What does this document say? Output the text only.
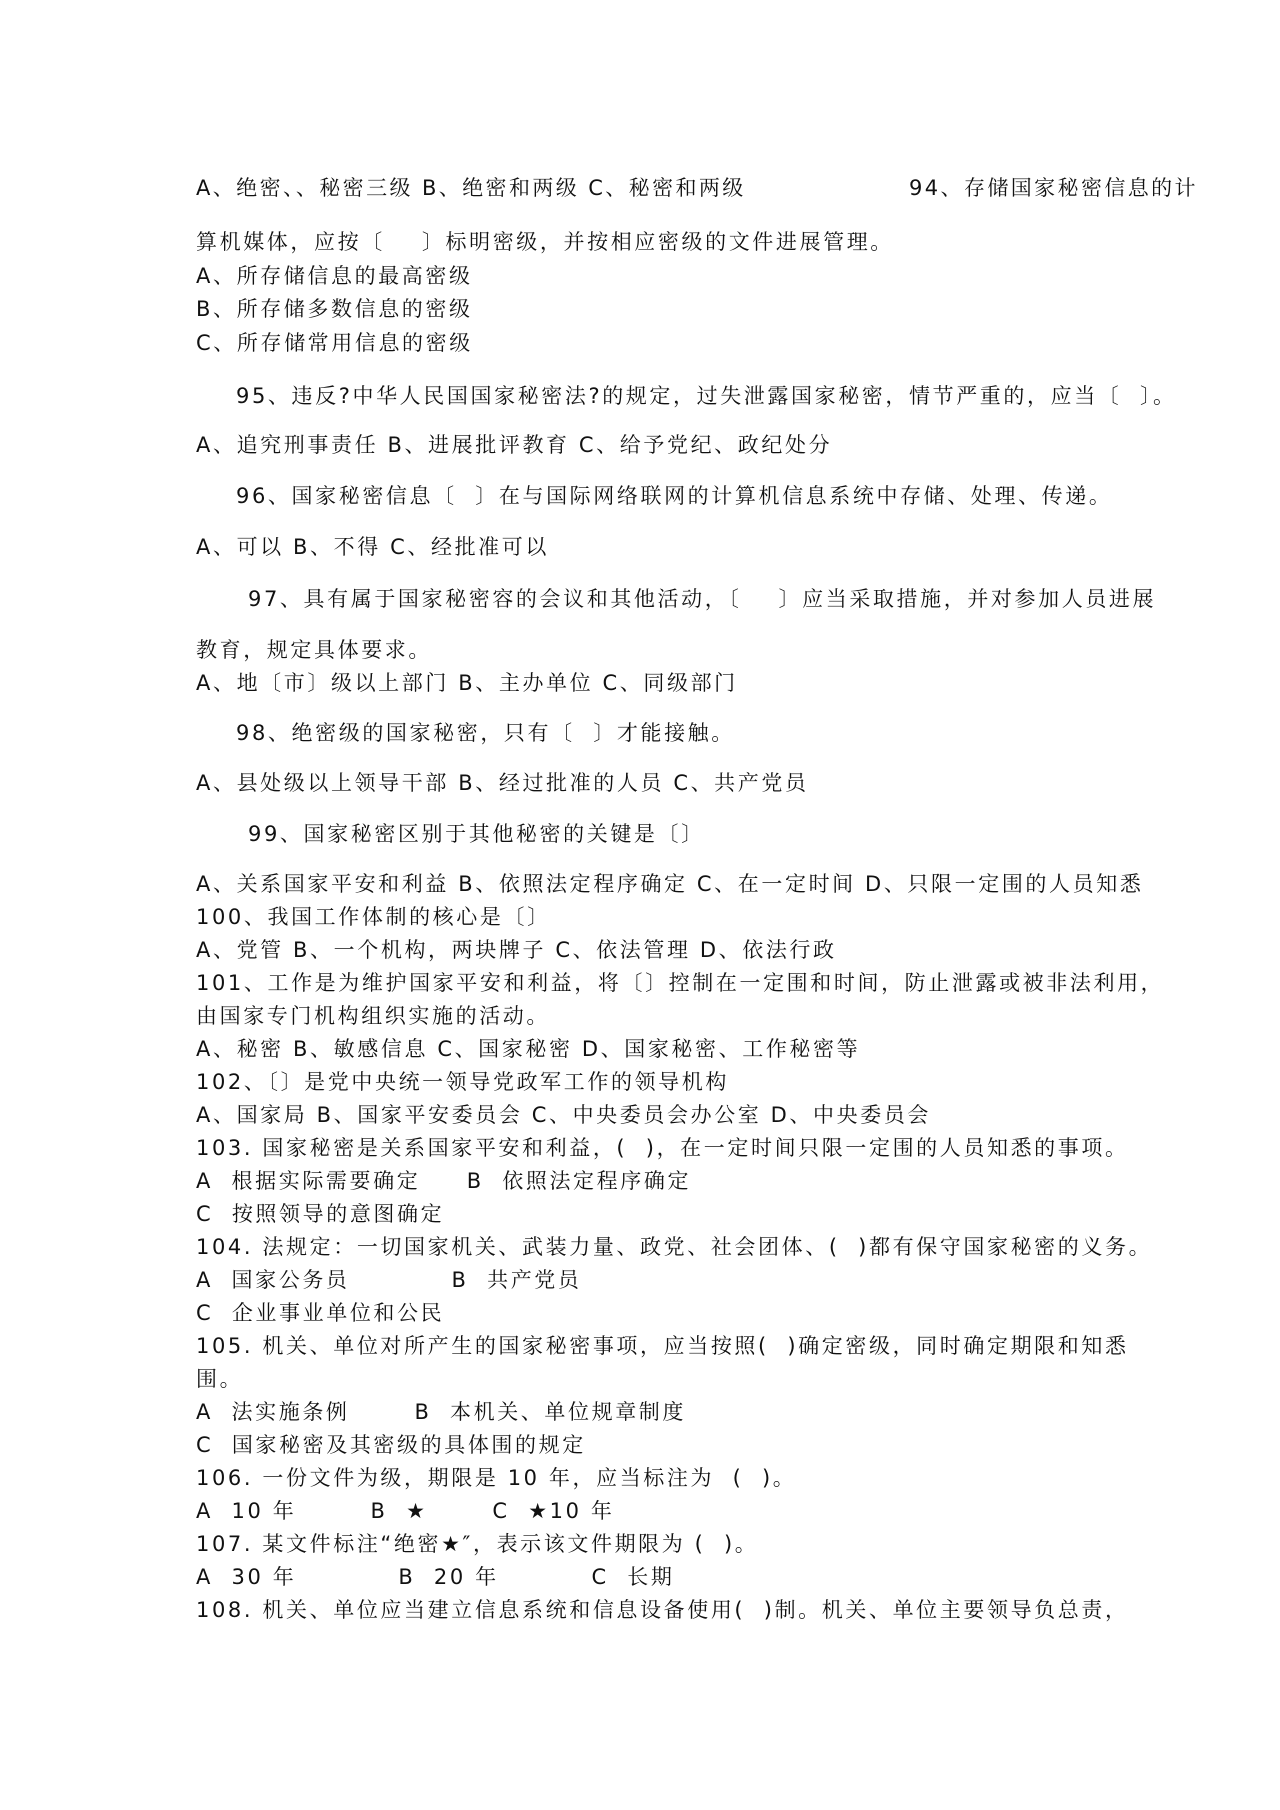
A、绝密、、秘密三级 B、绝密和两级 C、秘密和两级                  94、存储国家秘密信息的计

算机媒体，应按〔    〕标明密级，并按相应密级的文件进展管理。

A、所存储信息的最高密级

B、所存储多数信息的密级

C、所存储常用信息的密级

95、违反?中华人民国国家秘密法?的规定，过失泄露国家秘密，情节严重的，应当〔  〕。

A、追究刑事责任 B、进展批评教育 C、给予党纪、政纪处分

96、国家秘密信息〔  〕在与国际网络联网的计算机信息系统中存储、处理、传递。

A、可以 B、不得 C、经批准可以

97、具有属于国家秘密容的会议和其他活动，〔    〕应当采取措施，并对参加人员进展

教育，规定具体要求。

A、地〔市〕级以上部门 B、主办单位 C、同级部门

98、绝密级的国家秘密，只有〔  〕才能接触。

A、县处级以上领导干部 B、经过批准的人员 C、共产党员

99、国家秘密区别于其他秘密的关键是〔〕

A、关系国家平安和利益 B、依照法定程序确定 C、在一定时间 D、只限一定围的人员知悉

100、我国工作体制的核心是〔〕

A、党管 B、一个机构，两块牌子 C、依法管理 D、依法行政

101、工作是为维护国家平安和利益，将〔〕控制在一定围和时间，防止泄露或被非法利用，

由国家专门机构组织实施的活动。

A、秘密 B、敏感信息 C、国家秘密 D、国家秘密、工作秘密等

102、〔〕是党中央统一领导党政军工作的领导机构

A、国家局 B、国家平安委员会 C、中央委员会办公室 D、中央委员会

103. 国家秘密是关系国家平安和利益，(  )，在一定时间只限一定围的人员知悉的事项。

A  根据实际需要确定     B  依照法定程序确定

C  按照领导的意图确定

104. 法规定：一切国家机关、武装力量、政党、社会团体、(  )都有保守国家秘密的义务。

A  国家公务员           B  共产党员

C  企业事业单位和公民

105. 机关、单位对所产生的国家秘密事项，应当按照(  )确定密级，同时确定期限和知悉

围。

A  法实施条例       B  本机关、单位规章制度

C  国家秘密及其密级的具体围的规定

106. 一份文件为级，期限是 10 年，应当标注为  (  )。

A  10 年        B  ★       C  ★10 年

107. 某文件标注“绝密★″，表示该文件期限为 (  )。

A  30 年           B  20 年          C  长期

108. 机关、单位应当建立信息系统和信息设备使用(  )制。机关、单位主要领导负总责，
